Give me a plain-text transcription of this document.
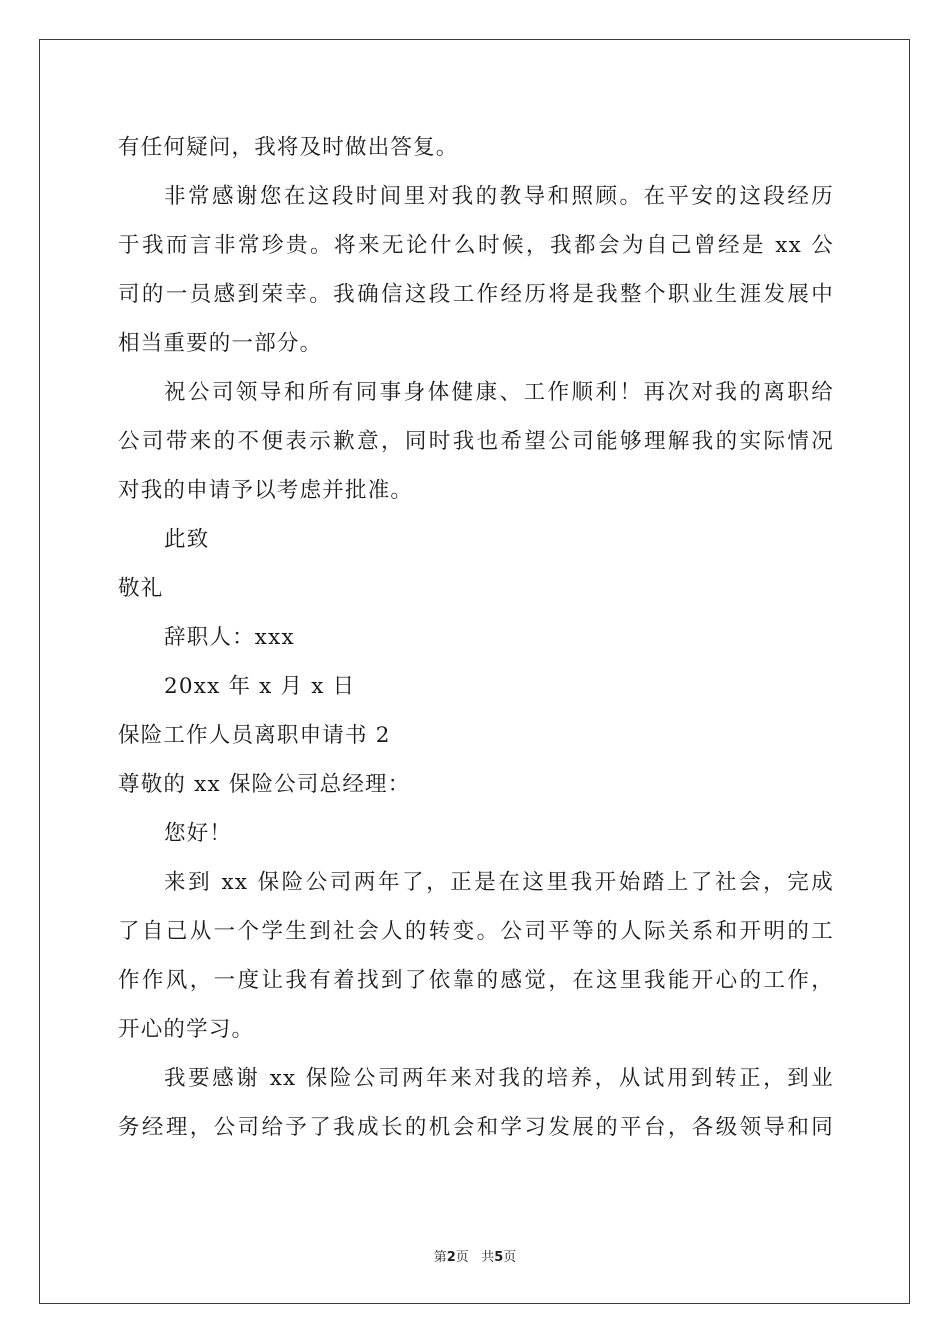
有任何疑问，我将及时做出答复。
非常感谢您在这段时间里对我的教导和照顾。在平安的这段经历
于我而言非常珍贵。将来无论什么时候，我都会为自己曾经是 xx 公
司的一员感到荣幸。我确信这段工作经历将是我整个职业生涯发展中
相当重要的一部分。
祝公司领导和所有同事身体健康、工作顺利！再次对我的离职给
公司带来的不便表示歉意，同时我也希望公司能够理解我的实际情况
对我的申请予以考虑并批准。
此致
敬礼
辞职人：xxx
20xx 年 x 月 x 日
保险工作人员离职申请书 2
尊敬的 xx 保险公司总经理：
您好！
来到 xx 保险公司两年了，正是在这里我开始踏上了社会，完成
了自己从一个学生到社会人的转变。公司平等的人际关系和开明的工
作作风，一度让我有着找到了依靠的感觉，在这里我能开心的工作，
开心的学习。
我要感谢 xx 保险公司两年来对我的培养，从试用到转正，到业
务经理，公司给予了我成长的机会和学习发展的平台，各级领导和同
第2页 共5页
